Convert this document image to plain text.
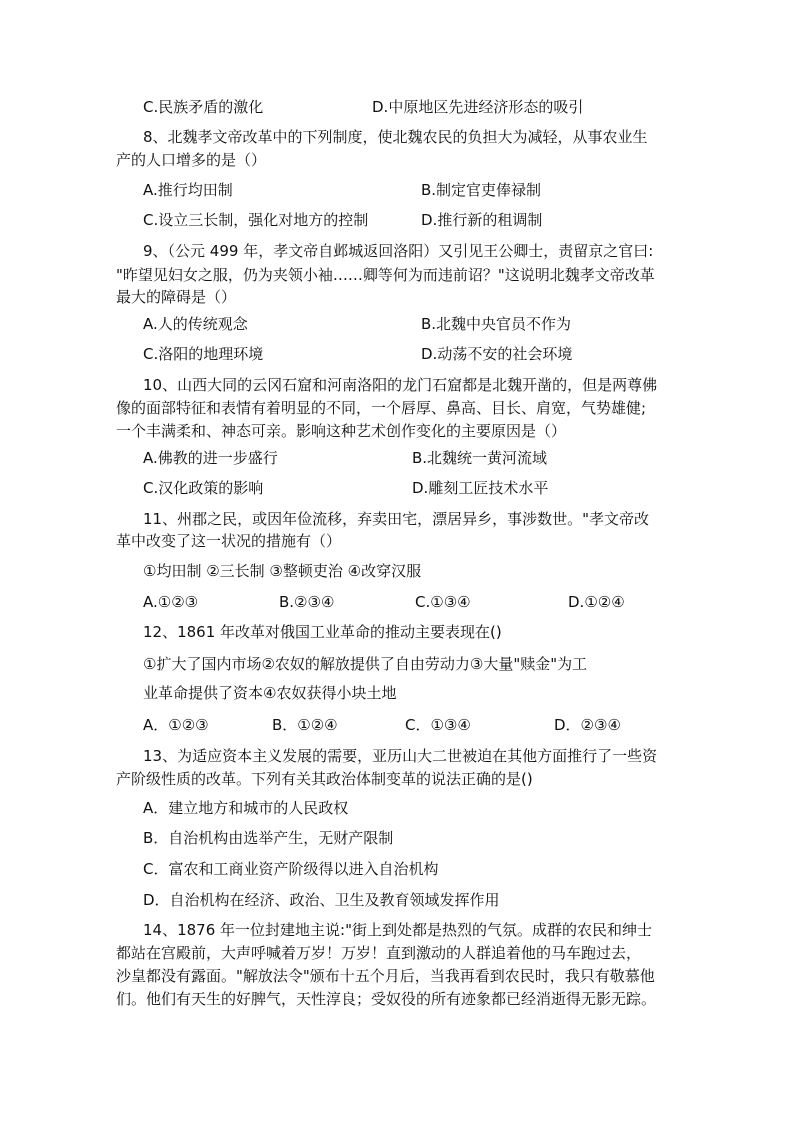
C.民族矛盾的激化	D.中原地区先进经济形态的吸引
8、北魏孝文帝改革中的下列制度，使北魏农民的负担大为减轻，从事农业生
产的人口增多的是（）
A.推行均田制	B.制定官吏俸禄制
C.设立三长制，强化对地方的控制	D.推行新的租调制
9、（公元 499 年，孝文帝自邺城返回洛阳）又引见王公卿士，责留京之官曰:
"昨望见妇女之服，仍为夹领小袖……卿等何为而违前诏？"这说明北魏孝文帝改革
最大的障碍是（）
A.人的传统观念	B.北魏中央官员不作为
C.洛阳的地理环境	D.动荡不安的社会环境
10、山西大同的云冈石窟和河南洛阳的龙门石窟都是北魏开凿的，但是两尊佛
像的面部特征和表情有着明显的不同，一个唇厚、鼻高、目长、肩宽，气势雄健;
一个丰满柔和、神态可亲。影响这种艺术创作变化的主要原因是（）
A.佛教的进一步盛行	B.北魏统一黄河流域
C.汉化政策的影响	D.雕刻工匠技术水平
11、州郡之民，或因年俭流移，弃卖田宅，漂居异乡，事涉数世。"孝文帝改
革中改变了这一状况的措施有（）
①均田制 ②三长制 ③整顿吏治 ④改穿汉服
A.①②③	B.②③④	C.①③④	D.①②④
12、1861 年改革对俄国工业革命的推动主要表现在()
①扩大了国内市场②农奴的解放提供了自由劳动力③大量"赎金"为工
业革命提供了资本④农奴获得小块土地
A．①②③	B．①②④	C．①③④	D．②③④
13、为适应资本主义发展的需要，亚历山大二世被迫在其他方面推行了一些资
产阶级性质的改革。下列有关其政治体制变革的说法正确的是()
A．建立地方和城市的人民政权
B．自治机构由选举产生，无财产限制
C．富农和工商业资产阶级得以进入自治机构
D．自治机构在经济、政治、卫生及教育领域发挥作用
14、1876 年一位封建地主说:"街上到处都是热烈的气氛。成群的农民和绅士
都站在宫殿前，大声呼喊着万岁！万岁！直到激动的人群追着他的马车跑过去，
沙皇都没有露面。"解放法令"颁布十五个月后，当我再看到农民时，我只有敬慕他
们。他们有天生的好脾气，天性淳良；受奴役的所有迹象都已经消逝得无影无踪。
